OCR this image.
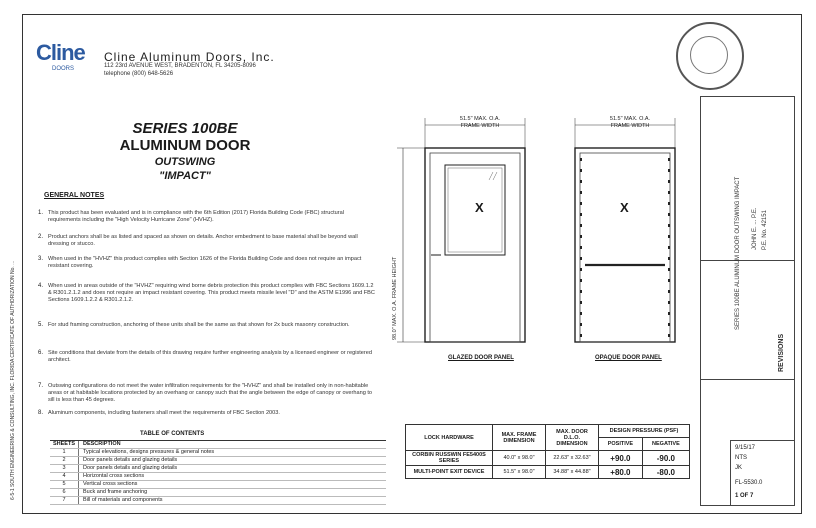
Cline
DOORS
Cline Aluminum Doors, Inc.
112 23rd AVENUE WEST, BRADENTON, FL 34205-8096
telephone (800) 648-5626
SERIES 100BE
ALUMINUM DOOR
OUTSWING
"IMPACT"
GENERAL NOTES
1. This product has been evaluated and is in compliance with the 6th Edition (2017) Florida Building Code (FBC) structural requirements including the "High Velocity Hurricane Zone" (HVHZ).
2. Product anchors shall be as listed and spaced as shown on details. Anchor embedment to base material shall be beyond wall dressing or stucco.
3. When used in the "HVHZ" this product complies with Section 1626 of the Florida Building Code and does not require an impact resistant covering.
4. When used in areas outside of the "HVHZ" requiring wind borne debris protection this product complies with FBC Sections 1609.1.2 & R301.2.1.2 and does not require an impact resistant covering. This product meets missile level "D" and the ASTM E1996 and FBC Sections 1609.1.2.2 & R301.2.1.2.
5. For stud framing construction, anchoring of these units shall be the same as that shown for 2x buck masonry construction.
6. Site conditions that deviate from the details of this drawing require further engineering analysis by a licensed engineer or registered architect.
7. Outswing configurations do not meet the water infiltration requirements for the "HVHZ" and shall be installed only in non-habitable areas or at habitable locations protected by an overhang or canopy such that the angle between the edge of canopy or overhang to sill is less than 45 degrees.
8. Aluminum components, including fasteners shall meet the requirements of FBC Section 2003.
TABLE OF CONTENTS
SHEETS	DESCRIPTION
1	Typical elevations, designs pressures & general notes
2	Door panels details and glazing details
3	Door panels details and glazing details
4	Horizontal cross sections
5	Vertical cross sections
6	Buck and frame anchoring
7	Bill of materials and components
51.5" MAX. O.A.
FRAME WIDTH
51.5" MAX. O.A.
FRAME WIDTH
98.0" MAX. O.A. FRAME HEIGHT
X	X
GLAZED DOOR PANEL	OPAQUE DOOR PANEL
LOCK HARDWARE	MAX. FRAME DIMENSION	MAX. DOOR D.L.O. DIMENSION	DESIGN PRESSURE (PSF)	
			POSITIVE	NEGATIVE
CORBIN RUSSWIN FE5400S SERIES	40.0" x 98.0"	22.63" x 32.63"	+90.0	-90.0
MULTI-POINT EXIT DEVICE	51.5" x 98.0"	34.88" x 44.88"	+80.0	-80.0
JOHN E. ... P.E. P.E. No. 42151
SERIES 100BE ALUMINUM DOOR OUTSWING IMPACT
REVISIONS
9/15/17
NTS
JK
FL-5530.0
1 OF 7
6-5-1 SOUTH ENGINEERING & CONSULTING, INC. FLORIDA CERTIFICATE OF AUTHORIZATION No. ...
